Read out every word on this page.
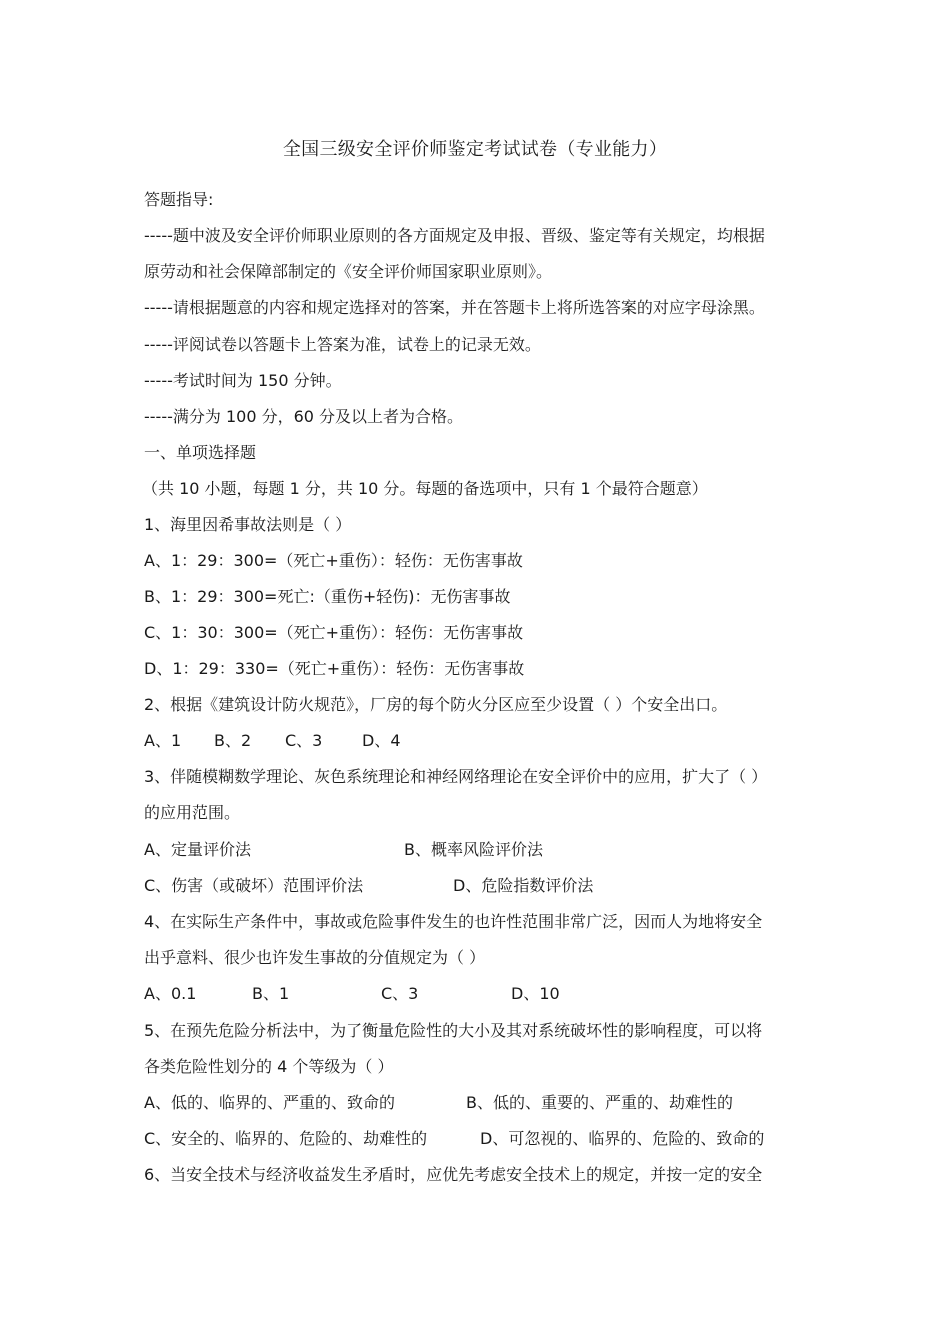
全国三级安全评价师鉴定考试试卷（专业能力）
答题指导:
-----题中波及安全评价师职业原则的各方面规定及申报、晋级、鉴定等有关规定，均根据
原劳动和社会保障部制定的《安全评价师国家职业原则》。
-----请根据题意的内容和规定选择对的答案，并在答题卡上将所选答案的对应字母涂黑。
-----评阅试卷以答题卡上答案为准，试卷上的记录无效。
-----考试时间为 150 分钟。
-----满分为 100 分，60 分及以上者为合格。
一、单项选择题
（共 10 小题，每题 1 分，共 10 分。每题的备选项中，只有 1 个最符合题意）
1、海里因希事故法则是（ ）
A、1：29：300=（死亡+重伤）：轻伤：无伤害事故
B、1：29：300=死亡:（重伤+轻伤)：无伤害事故
C、1：30：300=（死亡+重伤）：轻伤：无伤害事故
D、1：29：330=（死亡+重伤）：轻伤：无伤害事故
2、根据《建筑设计防火规范》，厂房的每个防火分区应至少设置（ ）个安全出口。
A、1 B、2 C、3 D、4
3、伴随模糊数学理论、灰色系统理论和神经网络理论在安全评价中的应用，扩大了（ ）
的应用范围。
A、定量评价法	B、概率风险评价法
C、伤害（或破坏）范围评价法	D、危险指数评价法
4、在实际生产条件中，事故或危险事件发生的也许性范围非常广泛，因而人为地将安全
出乎意料、很少也许发生事故的分值规定为（ ）
A、0.1	B、1	C、3	D、10
5、在预先危险分析法中，为了衡量危险性的大小及其对系统破坏性的影响程度，可以将
各类危险性划分的 4 个等级为（ ）
A、低的、临界的、严重的、致命的	B、低的、重要的、严重的、劫难性的
C、安全的、临界的、危险的、劫难性的	D、可忽视的、临界的、危险的、致命的
6、当安全技术与经济收益发生矛盾时，应优先考虑安全技术上的规定，并按一定的安全
